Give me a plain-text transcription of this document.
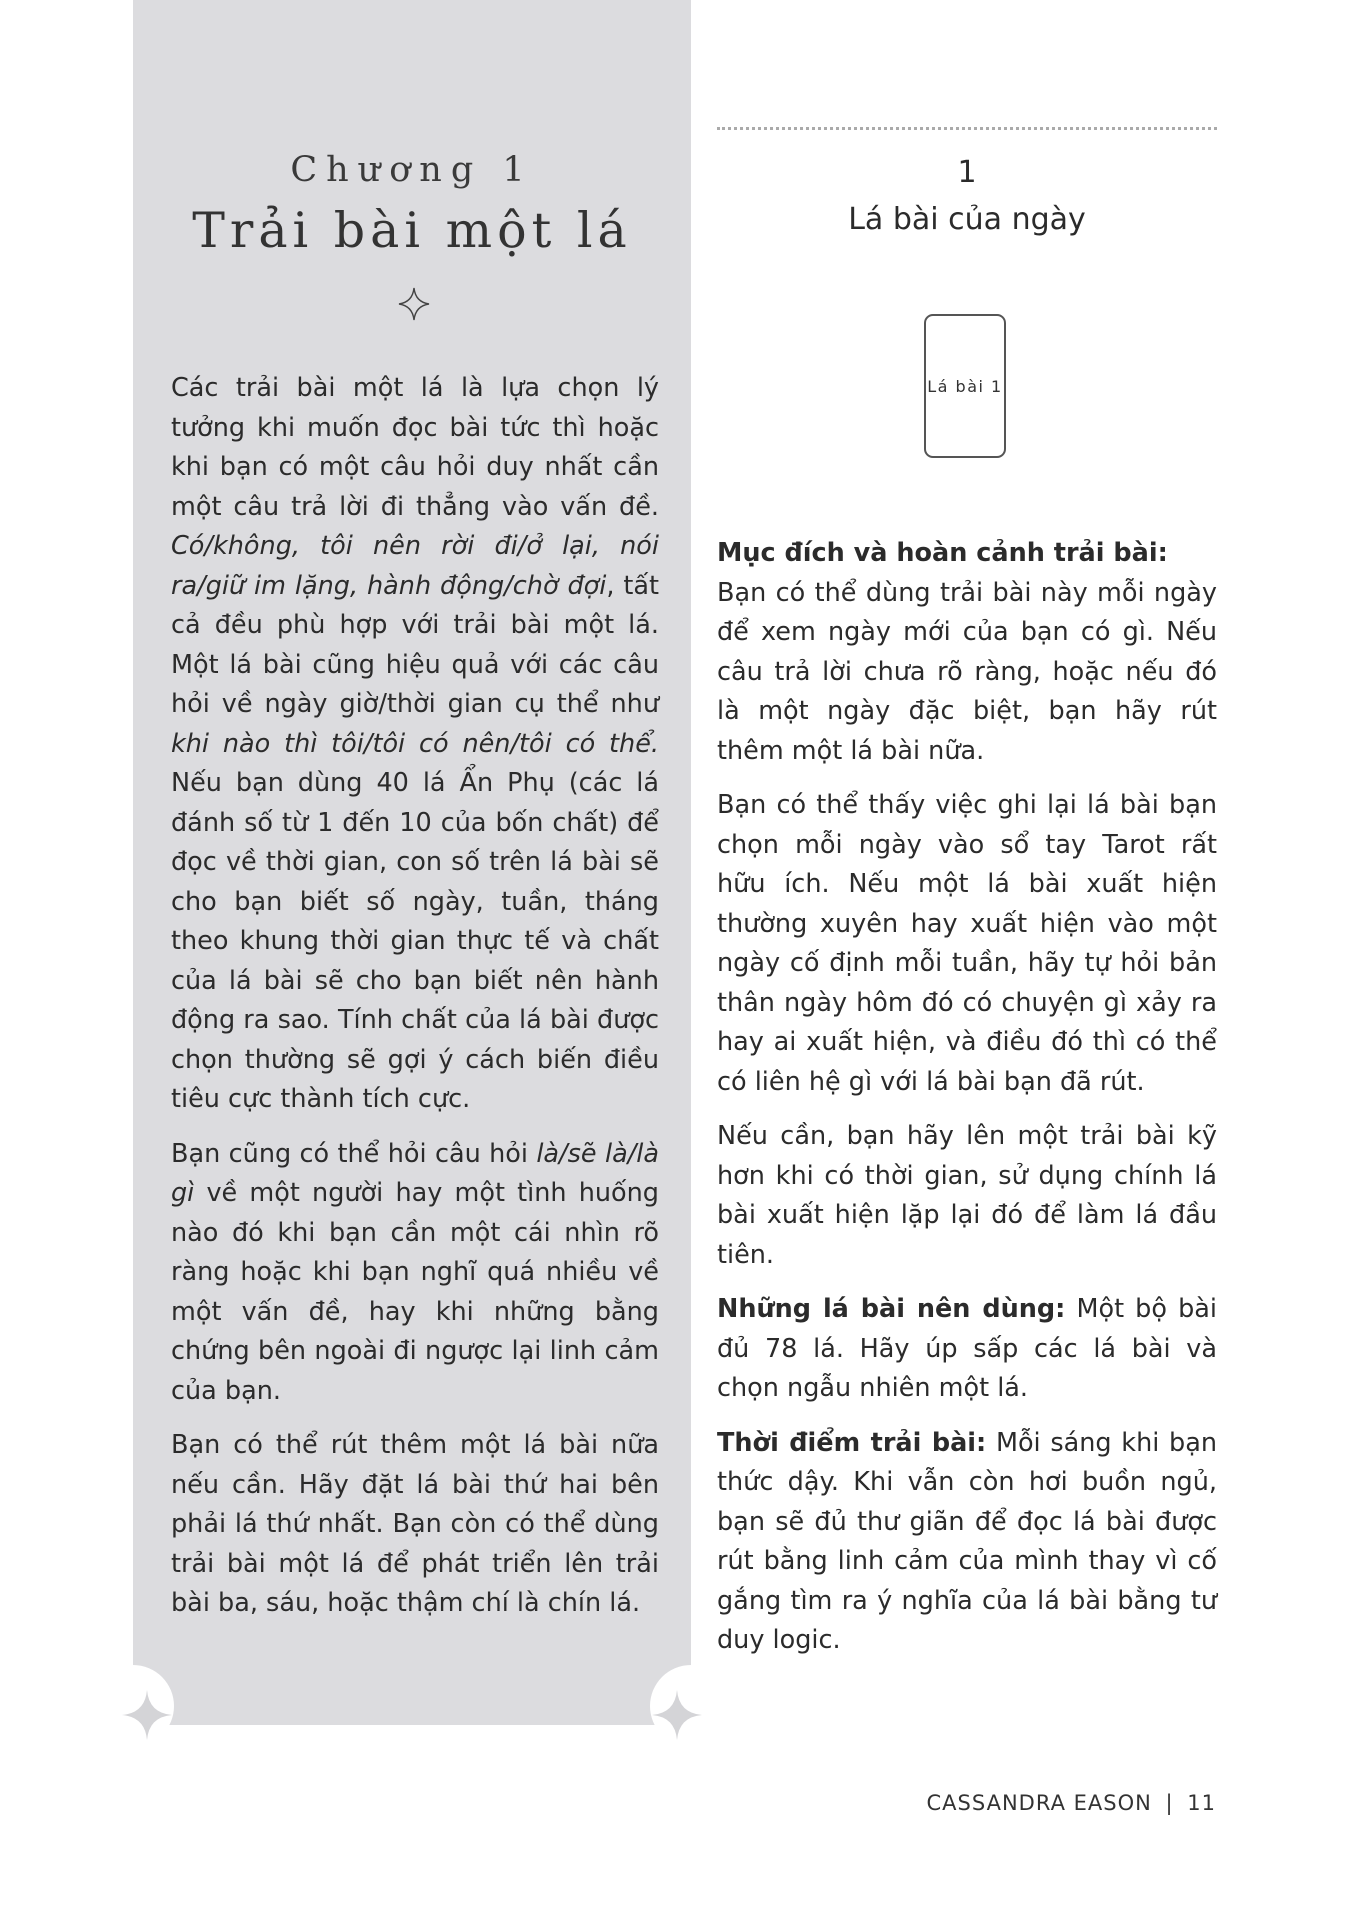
Chương 1
Trải bài một lá

Các trải bài một lá là lựa chọn lý tưởng khi muốn đọc bài tức thì hoặc khi bạn có một câu hỏi duy nhất cần một câu trả lời đi thẳng vào vấn đề. Có/không, tôi nên rời đi/ở lại, nói ra/giữ im lặng, hành động/chờ đợi, tất cả đều phù hợp với trải bài một lá. Một lá bài cũng hiệu quả với các câu hỏi về ngày giờ/thời gian cụ thể như khi nào thì tôi/tôi có nên/tôi có thể. Nếu bạn dùng 40 lá Ẩn Phụ (các lá đánh số từ 1 đến 10 của bốn chất) để đọc về thời gian, con số trên lá bài sẽ cho bạn biết số ngày, tuần, tháng theo khung thời gian thực tế và chất của lá bài sẽ cho bạn biết nên hành động ra sao. Tính chất của lá bài được chọn thường sẽ gợi ý cách biến điều tiêu cực thành tích cực.

Bạn cũng có thể hỏi câu hỏi là/sẽ là/là gì về một người hay một tình huống nào đó khi bạn cần một cái nhìn rõ ràng hoặc khi bạn nghĩ quá nhiều về một vấn đề, hay khi những bằng chứng bên ngoài đi ngược lại linh cảm của bạn.

Bạn có thể rút thêm một lá bài nữa nếu cần. Hãy đặt lá bài thứ hai bên phải lá thứ nhất. Bạn còn có thể dùng trải bài một lá để phát triển lên trải bài ba, sáu, hoặc thậm chí là chín lá.

1
Lá bài của ngày
Lá bài 1
Mục đích và hoàn cảnh trải bài:

Bạn có thể dùng trải bài này mỗi ngày để xem ngày mới của bạn có gì. Nếu câu trả lời chưa rõ ràng, hoặc nếu đó là một ngày đặc biệt, bạn hãy rút thêm một lá bài nữa.

Bạn có thể thấy việc ghi lại lá bài bạn chọn mỗi ngày vào sổ tay Tarot rất hữu ích. Nếu một lá bài xuất hiện thường xuyên hay xuất hiện vào một ngày cố định mỗi tuần, hãy tự hỏi bản thân ngày hôm đó có chuyện gì xảy ra hay ai xuất hiện, và điều đó thì có thể có liên hệ gì với lá bài bạn đã rút.

Nếu cần, bạn hãy lên một trải bài kỹ hơn khi có thời gian, sử dụng chính lá bài xuất hiện lặp lại đó để làm lá đầu tiên.

Những lá bài nên dùng: Một bộ bài đủ 78 lá. Hãy úp sấp các lá bài và chọn ngẫu nhiên một lá.

Thời điểm trải bài: Mỗi sáng khi bạn thức dậy. Khi vẫn còn hơi buồn ngủ, bạn sẽ đủ thư giãn để đọc lá bài được rút bằng linh cảm của mình thay vì cố gắng tìm ra ý nghĩa của lá bài bằng tư duy logic.

CASSANDRA EASON | 11
